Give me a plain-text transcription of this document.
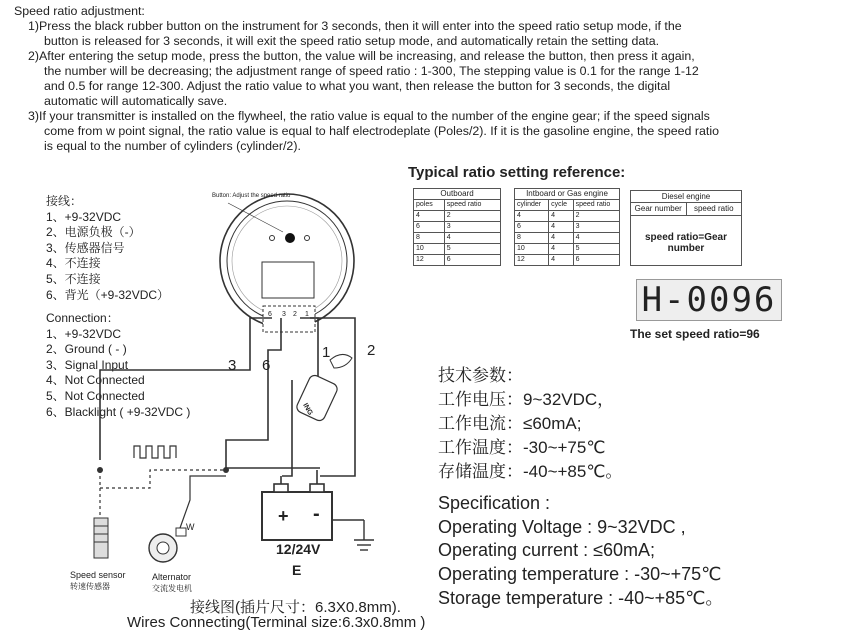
Speed ratio adjustment:
1)Press the black rubber button on the instrument for 3 seconds, then it will enter into the speed ratio setup mode, if the
button is released for 3 seconds, it will exit the speed ratio setup mode, and automatically retain the setting data.
2)After entering the setup mode, press the button, the value will be increasing, and release the button, then press it again,
the number will be decreasing; the adjustment range of speed ratio : 1-300, The stepping value is 0.1 for the range 1-12
and 0.5 for range 12-300. Adjust the ratio value to what you want, then release the button for 3 seconds, the digital
automatic will automatically save.
3)If your transmitter is installed on the flywheel, the ratio value is equal to the number of the engine gear; if the speed signals
come from w point signal, the ratio value is equal to half electrodeplate (Poles/2). If it is the gasoline engine, the speed ratio
is equal to the number of cylinders (cylinder/2).
Typical ratio setting reference:
Outboard	
poles	speed ratio
4	2
6	3
8	4
10	5
12	6
Intboard or Gas engine		
cylinder	cycle	speed ratio
4	4	2
6	4	3
8	4	4
10	4	5
12	4	6
Diesel engine
Gear number	speed ratio
speed ratio=Gear number
H-0096
The set speed ratio=96
接线：
1、+9-32VDC
2、电源负极（-）
3、传感器信号
4、不连接
5、不连接
6、背光（+9-32VDC）
Connection：
1、+9-32VDC
2、Ground ( - )
3、Signal Input
4、Not Connected
5、Not Connected
6、Blacklight ( +9-32VDC )	ING
+ -
12/24V
E
3 6
1 2
6 3 2 1
W
Speed sensor
转速传感器
Alternator
交流发电机
Button: Adjust the speed ratio
技术参数：
工作电压：9~32VDC，
工作电流：≤60mA;
工作温度：-30~+75℃
存储温度：-40~+85℃。
Specification :
Operating Voltage : 9~32VDC ,
Operating current : ≤60mA;
Operating temperature : -30~+75℃
Storage temperature : -40~+85℃。
接线图(插片尺寸：6.3X0.8mm).
Wires Connecting(Terminal size:6.3x0.8mm )
